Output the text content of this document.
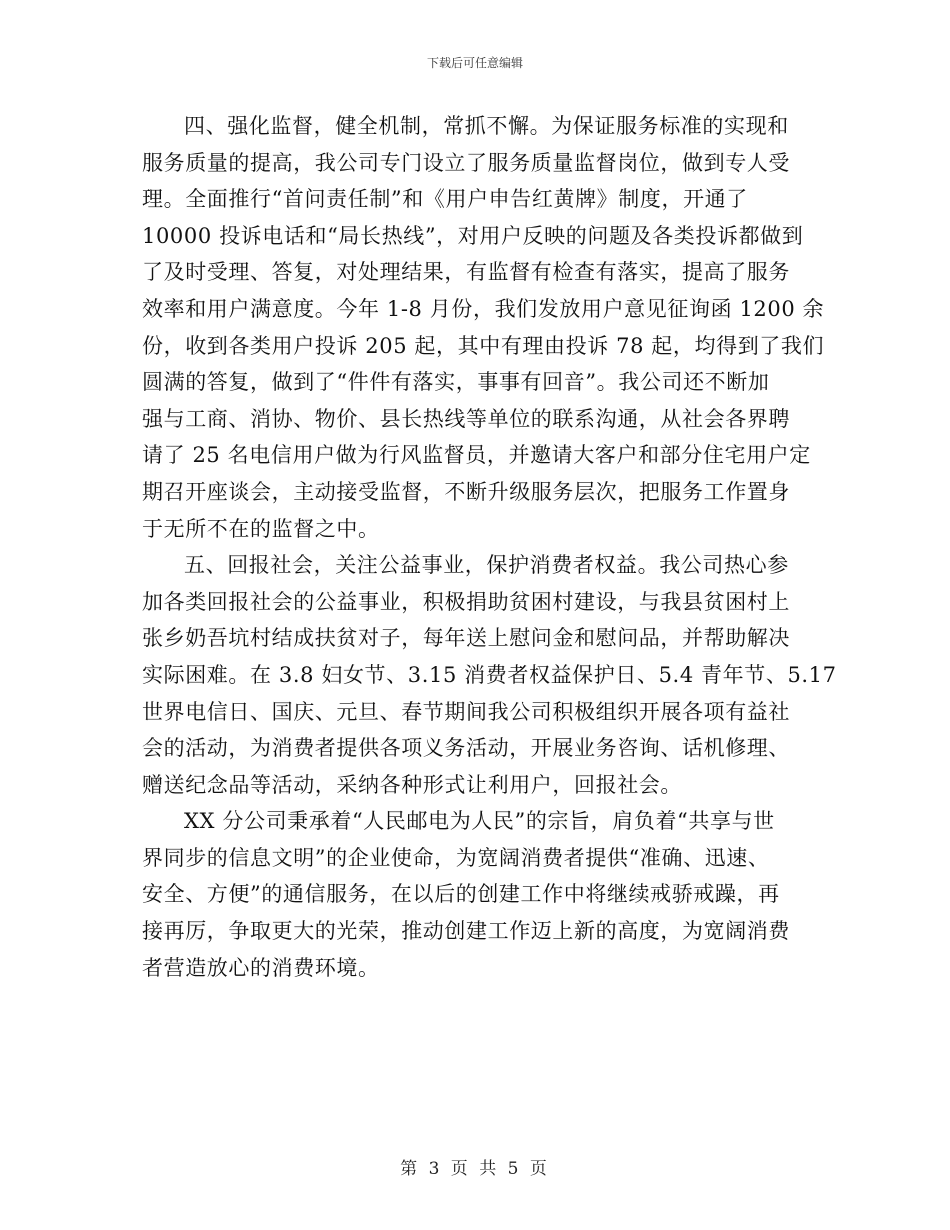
下载后可任意编辑
四、强化监督，健全机制，常抓不懈。为保证服务标准的实现和
服务质量的提高，我公司专门设立了服务质量监督岗位，做到专人受
理。全面推行“首问责任制”和《用户申告红黄牌》制度，开通了
10000 投诉电话和“局长热线”，对用户反映的问题及各类投诉都做到
了及时受理、答复，对处理结果，有监督有检查有落实，提高了服务
效率和用户满意度。今年 1-8 月份，我们发放用户意见征询函 1200 余
份，收到各类用户投诉 205 起，其中有理由投诉 78 起，均得到了我们
圆满的答复，做到了“件件有落实，事事有回音”。我公司还不断加
强与工商、消协、物价、县长热线等单位的联系沟通，从社会各界聘
请了 25 名电信用户做为行风监督员，并邀请大客户和部分住宅用户定
期召开座谈会，主动接受监督，不断升级服务层次，把服务工作置身
于无所不在的监督之中。
五、回报社会，关注公益事业，保护消费者权益。我公司热心参
加各类回报社会的公益事业，积极捐助贫困村建设，与我县贫困村上
张乡奶吾坑村结成扶贫对子，每年送上慰问金和慰问品，并帮助解决
实际困难。在 3.8 妇女节、3.15 消费者权益保护日、5.4 青年节、5.17
世界电信日、国庆、元旦、春节期间我公司积极组织开展各项有益社
会的活动，为消费者提供各项义务活动，开展业务咨询、话机修理、
赠送纪念品等活动，采纳各种形式让利用户，回报社会。
XX 分公司秉承着“人民邮电为人民”的宗旨，肩负着“共享与世
界同步的信息文明”的企业使命，为宽阔消费者提供“准确、迅速、
安全、方便”的通信服务，在以后的创建工作中将继续戒骄戒躁，再
接再厉，争取更大的光荣，推动创建工作迈上新的高度，为宽阔消费
者营造放心的消费环境。
第 3 页 共 5 页
